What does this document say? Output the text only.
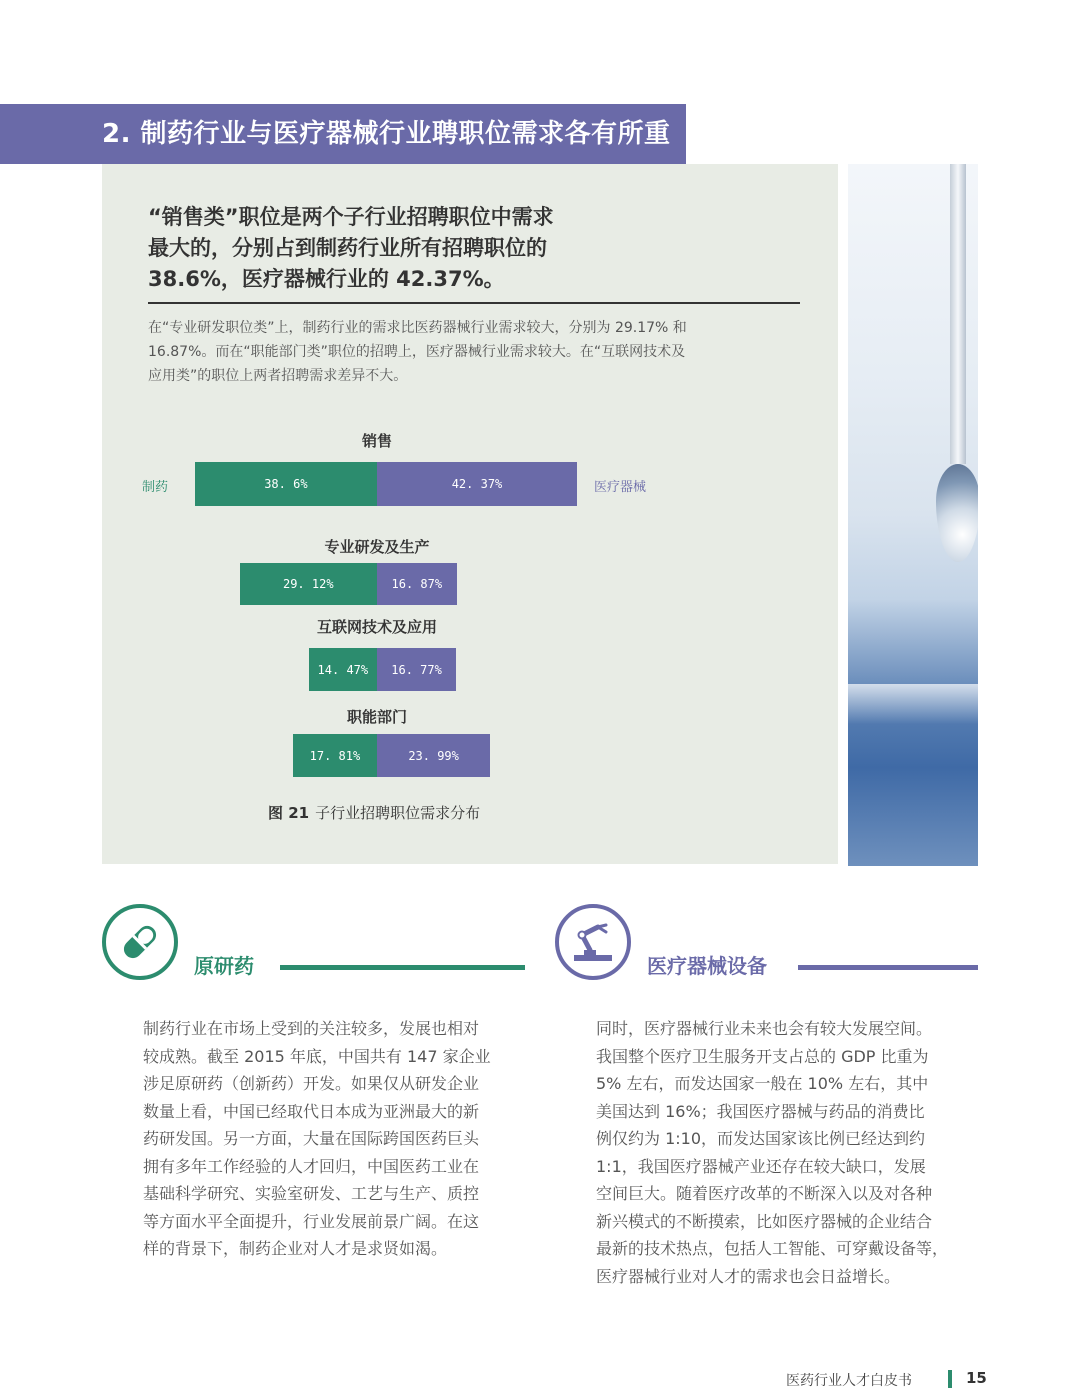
2. 制药行业与医疗器械行业聘职位需求各有所重
“销售类”职位是两个子行业招聘职位中需求
最大的，分别占到制药行业所有招聘职位的
38.6%，医疗器械行业的 42.37%。
在“专业研发职位类”上，制药行业的需求比医药器械行业需求较大，分别为 29.17% 和
16.87%。而在“职能部门类”职位的招聘上，医疗器械行业需求较大。在“互联网技术及
应用类”的职位上两者招聘需求差异不大。
销售
38. 6%	42. 37%
专业研发及生产
29. 12%	16. 87%
互联网技术及应用
14. 47% 16. 77%
职能部门
17. 81%	23. 99%
制药	医疗器械
图 21 子行业招聘职位需求分布
原研药
制药行业在市场上受到的关注较多，发展也相对
较成熟。截至 2015 年底，中国共有 147 家企业
涉足原研药（创新药）开发。如果仅从研发企业
数量上看，中国已经取代日本成为亚洲最大的新
药研发国。另一方面，大量在国际跨国医药巨头
拥有多年工作经验的人才回归，中国医药工业在
基础科学研究、实验室研发、工艺与生产、质控
等方面水平全面提升，行业发展前景广阔。在这
样的背景下，制药企业对人才是求贤如渴。
医疗器械设备
同时，医疗器械行业未来也会有较大发展空间。
我国整个医疗卫生服务开支占总的 GDP 比重为
5% 左右，而发达国家一般在 10% 左右，其中
美国达到 16%；我国医疗器械与药品的消费比
例仅约为 1:10，而发达国家该比例已经达到约
1:1，我国医疗器械产业还存在较大缺口，发展
空间巨大。随着医疗改革的不断深入以及对各种
新兴模式的不断摸索，比如医疗器械的企业结合
最新的技术热点，包括人工智能、可穿戴设备等，
医疗器械行业对人才的需求也会日益增长。
医药行业人才白皮书	15
